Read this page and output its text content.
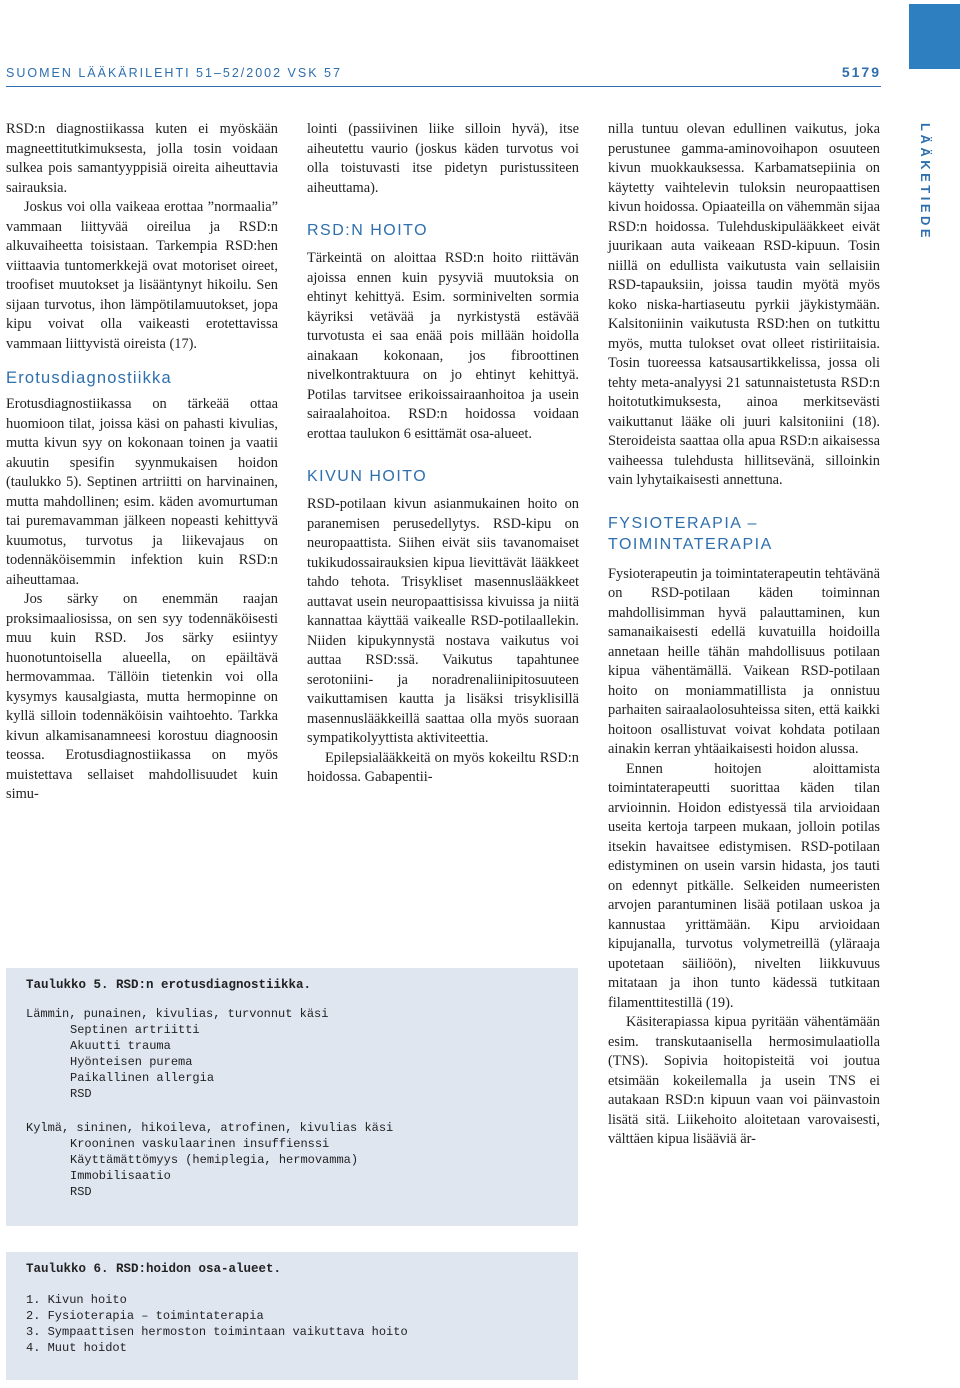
SUOMEN LÄÄKÄRILEHTI 51–52/2002 VSK 57	5179
LÄÄKETIEDE

RSD:n diagnostiikassa kuten ei myöskään magneettitutkimuksesta, jolla tosin voidaan sulkea pois samantyyppisiä oireita aiheuttavia sairauksia.

Joskus voi olla vaikeaa erottaa ”normaalia” vammaan liittyvää oireilua ja RSD:n alkuvaiheetta toisistaan. Tarkempia RSD:hen viittaavia tuntomerkkejä ovat motoriset oireet, troofiset muutokset ja lisääntynyt hikoilu. Sen sijaan turvotus, ihon lämpötilamuutokset, jopa kipu voivat olla vaikeasti erotettavissa vammaan liittyvistä oireista (17).

Erotusdiagnostiikka

Erotusdiagnostiikassa on tärkeää ottaa huomioon tilat, joissa käsi on pahasti kivulias, mutta kivun syy on kokonaan toinen ja vaatii akuutin spesifin syynmukaisen hoidon (taulukko 5). Septinen artriitti on harvinainen, mutta mahdollinen; esim. käden avomurtuman tai puremavamman jälkeen nopeasti kehittyvä kuumotus, turvotus ja liikevajaus on todennäköisemmin infektion kuin RSD:n aiheuttamaa.

Jos särky on enemmän raajan proksimaaliosissa, on sen syy todennäköisesti muu kuin RSD. Jos särky esiintyy huonotuntoisella alueella, on epäiltävä hermovammaa. Tällöin tietenkin voi olla kysymys kausalgiasta, mutta hermopinne on kyllä silloin todennäköisin vaihtoehto. Tarkka kivun alkamisanamneesi korostuu diagnoosin teossa. Erotusdiagnostiikassa on myös muistettava sellaiset mahdollisuudet kuin simu-

lointi (passiivinen liike silloin hyvä), itse aiheutettu vaurio (joskus käden turvotus voi olla toistuvasti itse pidetyn puristussiteen aiheuttama).

RSD:N HOITO

Tärkeintä on aloittaa RSD:n hoito riittävän ajoissa ennen kuin pysyviä muutoksia on ehtinyt kehittyä. Esim. sorminivelten sormia käyriksi vetävää ja nyrkistystä estävää turvotusta ei saa enää pois millään hoidolla ainakaan kokonaan, jos fibroottinen nivelkontraktuura on jo ehtinyt kehittyä. Potilas tarvitsee erikoissairaanhoitoa ja usein sairaalahoitoa. RSD:n hoidossa voidaan erottaa taulukon 6 esittämät osa-alueet.

KIVUN HOITO

RSD-potilaan kivun asianmukainen hoito on paranemisen perusedellytys. RSD-kipu on neuropaattista. Siihen eivät siis tavanomaiset tukikudossairauksien kipua lievittävät lääkkeet tahdo tehota. Trisykliset masennuslääkkeet auttavat usein neuropaattisissa kivuissa ja niitä kannattaa käyttää vaikealle RSD-potilaallekin. Niiden kipukynnystä nostava vaikutus voi auttaa RSD:ssä. Vaikutus tapahtunee serotoniini- ja noradrenaliinipitosuuteen vaikuttamisen kautta ja lisäksi trisyklisillä masennuslääkkeillä saattaa olla myös suoraan sympatikolyyttista aktiviteettia.

Epilepsialääkkeitä on myös kokeiltu RSD:n hoidossa. Gabapentii-

nilla tuntuu olevan edullinen vaikutus, joka perustunee gamma-aminovoihapon osuuteen kivun muokkauksessa. Karbamatsepiinia on käytetty vaihtelevin tuloksin neuropaattisen kivun hoidossa. Opiaateilla on vähemmän sijaa RSD:n hoidossa. Tulehduskipulääkkeet eivät juurikaan auta vaikeaan RSD-kipuun. Tosin niillä on edullista vaikutusta vain sellaisiin RSD-tapauksiin, joissa taudin myötä myös koko niska-hartiaseutu pyrkii jäykistymään. Kalsitoniinin vaikutusta RSD:hen on tutkittu myös, mutta tulokset ovat olleet ristiriitaisia. Tosin tuoreessa katsausartikkelissa, jossa oli tehty meta-analyysi 21 satunnaistetusta RSD:n hoitotutkimuksesta, ainoa merkitsevästi vaikuttanut lääke oli juuri kalsitoniini (18). Steroideista saattaa olla apua RSD:n aikaisessa vaiheessa tulehdusta hillitsevänä, silloinkin vain lyhytaikaisesti annettuna.

FYSIOTERAPIA – TOIMINTATERAPIA

Fysioterapeutin ja toimintaterapeutin tehtävänä on RSD-potilaan käden toiminnan mahdollisimman hyvä palauttaminen, kun samanaikaisesti edellä kuvatuilla hoidoilla annetaan heille tähän mahdollisuus potilaan kipua vähentämällä. Vaikean RSD-potilaan hoito on moniammatillista ja onnistuu parhaiten sairaalaolosuhteissa siten, että kaikki hoitoon osallistuvat voivat kohdata potilaan ainakin kerran yhtäaikaisesti hoidon alussa.

Ennen hoitojen aloittamista toimintaterapeutti suorittaa käden tilan arvioinnin. Hoidon edistyessä tila arvioidaan useita kertoja tarpeen mukaan, jolloin potilas itsekin havaitsee edistymisen. RSD-potilaan edistyminen on usein varsin hidasta, jos tauti on edennyt pitkälle. Selkeiden numeeristen arvojen parantuminen lisää potilaan uskoa ja kannustaa yrittämään. Kipu arvioidaan kipujanalla, turvotus volymetreillä (yläraaja upotetaan säiliöön), nivelten liikkuvuus mitataan ja ihon tunto kädessä tutkitaan filamenttitestillä (19).

Käsiterapiassa kipua pyritään vähentämään esim. transkutaanisella hermosimulaatiolla (TNS). Sopivia hoitopisteitä voi joutua etsimään kokeilemalla ja usein TNS ei autakaan RSD:n kipuun vaan voi päinvastoin lisätä sitä. Liikehoito aloitetaan varovaisesti, välttäen kipua lisääviä är-

Taulukko 5. RSD:n erotusdiagnostiikka.
Lämmin, punainen, kivulias, turvonnut käsi
Septinen artriitti
Akuutti trauma
Hyönteisen purema
Paikallinen allergia
RSD
Kylmä, sininen, hikoileva, atrofinen, kivulias käsi
Krooninen vaskulaarinen insuffienssi
Käyttämättömyys (hemiplegia, hermovamma)
Immobilisaatio
RSD
Taulukko 6. RSD:hoidon osa-alueet.
1. Kivun hoito
2. Fysioterapia – toimintaterapia
3. Sympaattisen hermoston toimintaan vaikuttava hoito
4. Muut hoidot
